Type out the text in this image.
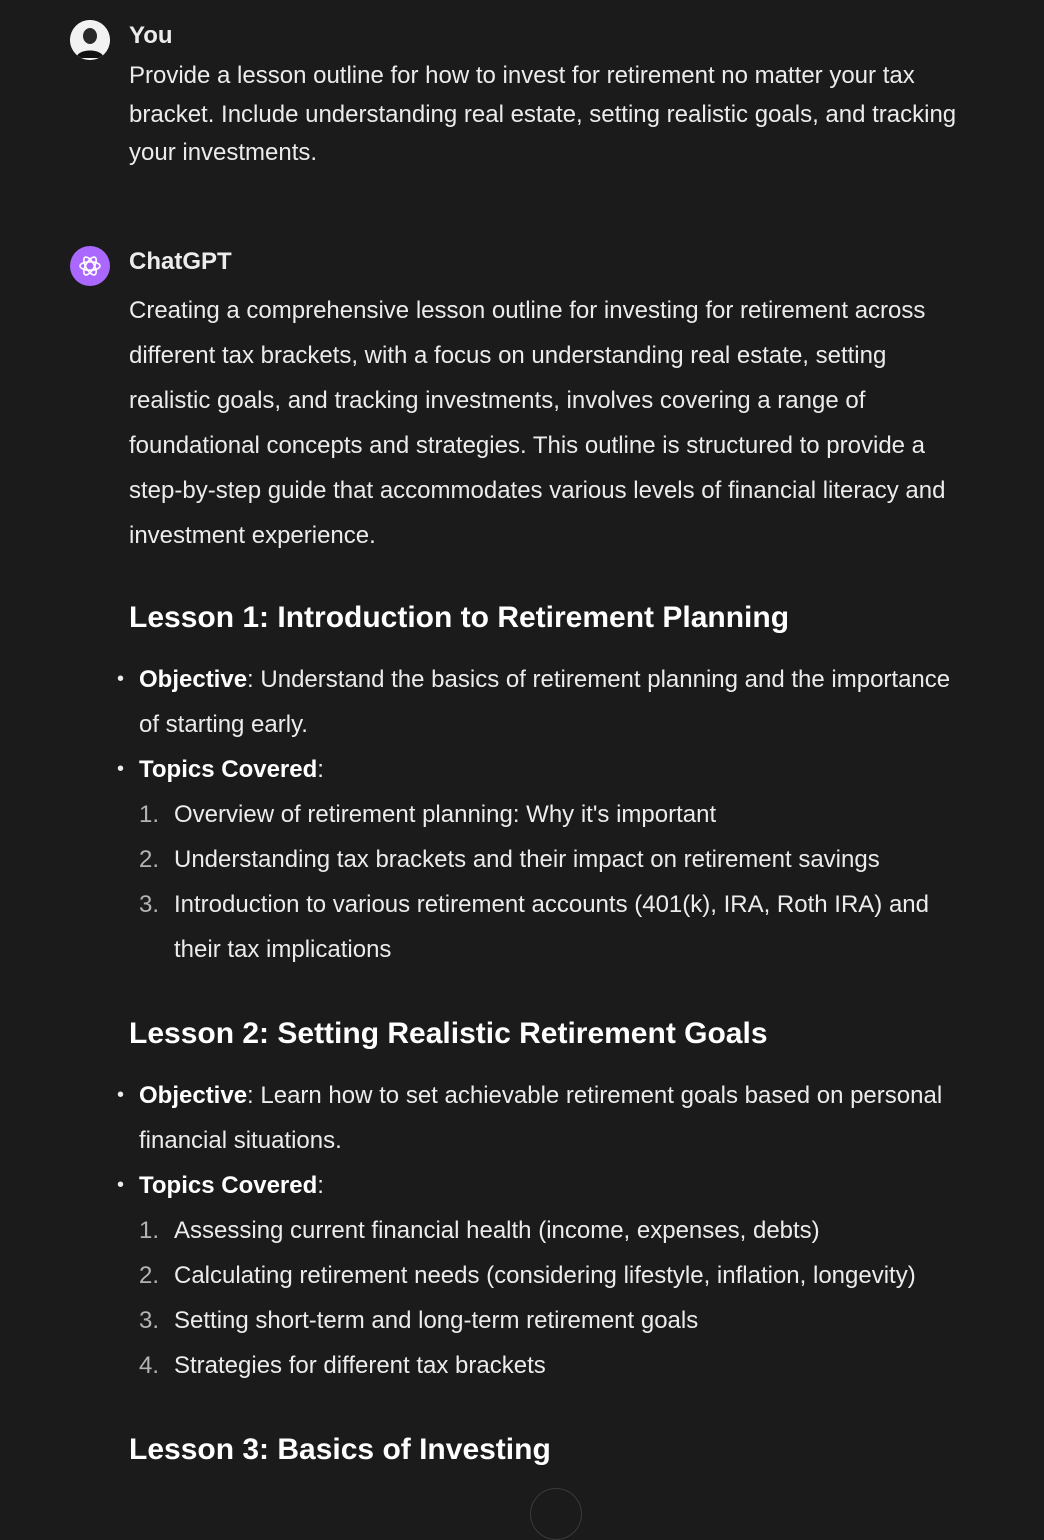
You
Provide a lesson outline for how to invest for retirement no matter your tax bracket. Include understanding real estate, setting realistic goals, and tracking your investments.
ChatGPT

Creating a comprehensive lesson outline for investing for retirement across different tax brackets, with a focus on understanding real estate, setting realistic goals, and tracking investments, involves covering a range of foundational concepts and strategies. This outline is structured to provide a step-by-step guide that accommodates various levels of financial literacy and investment experience.

Lesson 1: Introduction to Retirement Planning
• Objective: Understand the basics of retirement planning and the importance of starting early.
• Topics Covered:
1. Overview of retirement planning: Why it's important
2. Understanding tax brackets and their impact on retirement savings
3. Introduction to various retirement accounts (401(k), IRA, Roth IRA) and their tax implications
Lesson 2: Setting Realistic Retirement Goals
• Objective: Learn how to set achievable retirement goals based on personal financial situations.
• Topics Covered:
1. Assessing current financial health (income, expenses, debts)
2. Calculating retirement needs (considering lifestyle, inflation, longevity)
3. Setting short-term and long-term retirement goals
4. Strategies for different tax brackets
Lesson 3: Basics of Investing
